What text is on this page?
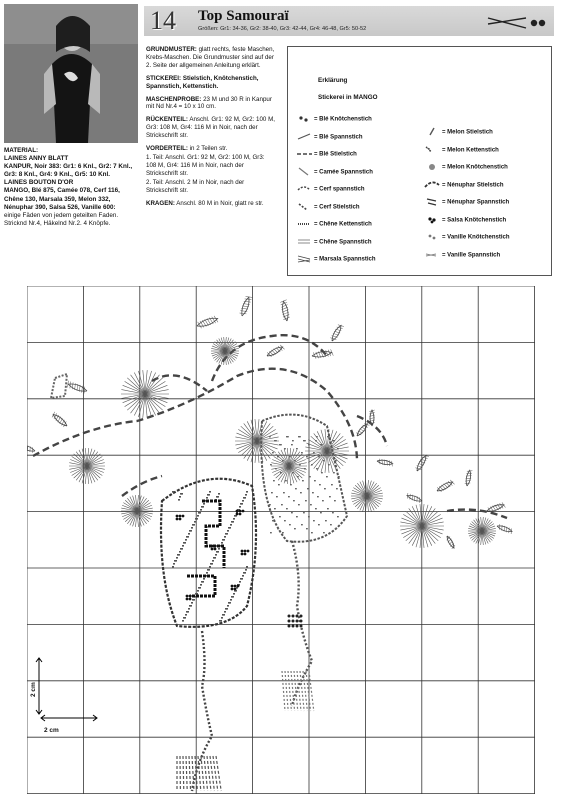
MATERIAL:
LAINES ANNY BLATT
KANPUR, Noir 383: Gr1: 6 Knl., Gr2: 7 Knl., Gr3: 8 Knl., Gr4: 9 Knl., Gr5: 10 Knl.
LAINES BOUTON D'OR
MANGO, Blé 875, Camée 078, Cerf 116, Chêne 130, Marsala 359, Melon 332, Nénuphar 390, Salsa 526, Vanille 600:
einige Fäden von jedem geteilten Faden. Stricknd Nr.4, Häkelnd Nr.2. 4 Knöpfe.
14 Top Samouraï
Größen: Gr1: 34-36, Gr2: 38-40, Gr3: 42-44, Gr4: 46-48, Gr5: 50-52

GRUNDMUSTER: glatt rechts, feste Maschen, Krebs-Maschen. Die Grundmuster sind auf der 2. Seite der allgemeinen Anleitung erklärt.

STICKEREI: Stielstich, Knötchenstich, Spannstich, Kettenstich.

MASCHENPROBE: 23 M und 30 R in Kanpur mit Nd Nr.4 = 10 x 10 cm.

RÜCKENTEIL: Anschl. Gr1: 92 M, Gr2: 100 M, Gr3: 108 M, Gr4: 116 M in Noir, nach der Strickschrift str.

VORDERTEIL: in 2 Teilen str.

1. Teil: Anschl. Gr1: 92 M, Gr2: 100 M, Gr3: 108 M, Gr4: 116 M in Noir, nach der Strickschrift str.

2. Teil: Anschl. 2 M in Noir, nach der Strickschrift str.

KRAGEN: Anschl. 80 M in Noir, glatt re str.

Erklärung
Stickerei in MANGO
= Blé Knötchenstich
= Blé Spannstich
= Blé Stielstich
= Camée Spannstich
= Cerf spannstich
= Cerf Stielstich
= Chêne Kettenstich
= Chêne Spannstich
= Marsala Spannstich
= Melon Stielstich
= Melon Kettenstich
= Melon Knötchenstich
= Nénuphar Stielstich
= Nénuphar Spannstich
= Salsa Knötchenstich
= Vanille Knötchenstich
= Vanille Spannstich
2 cm
2 cm
